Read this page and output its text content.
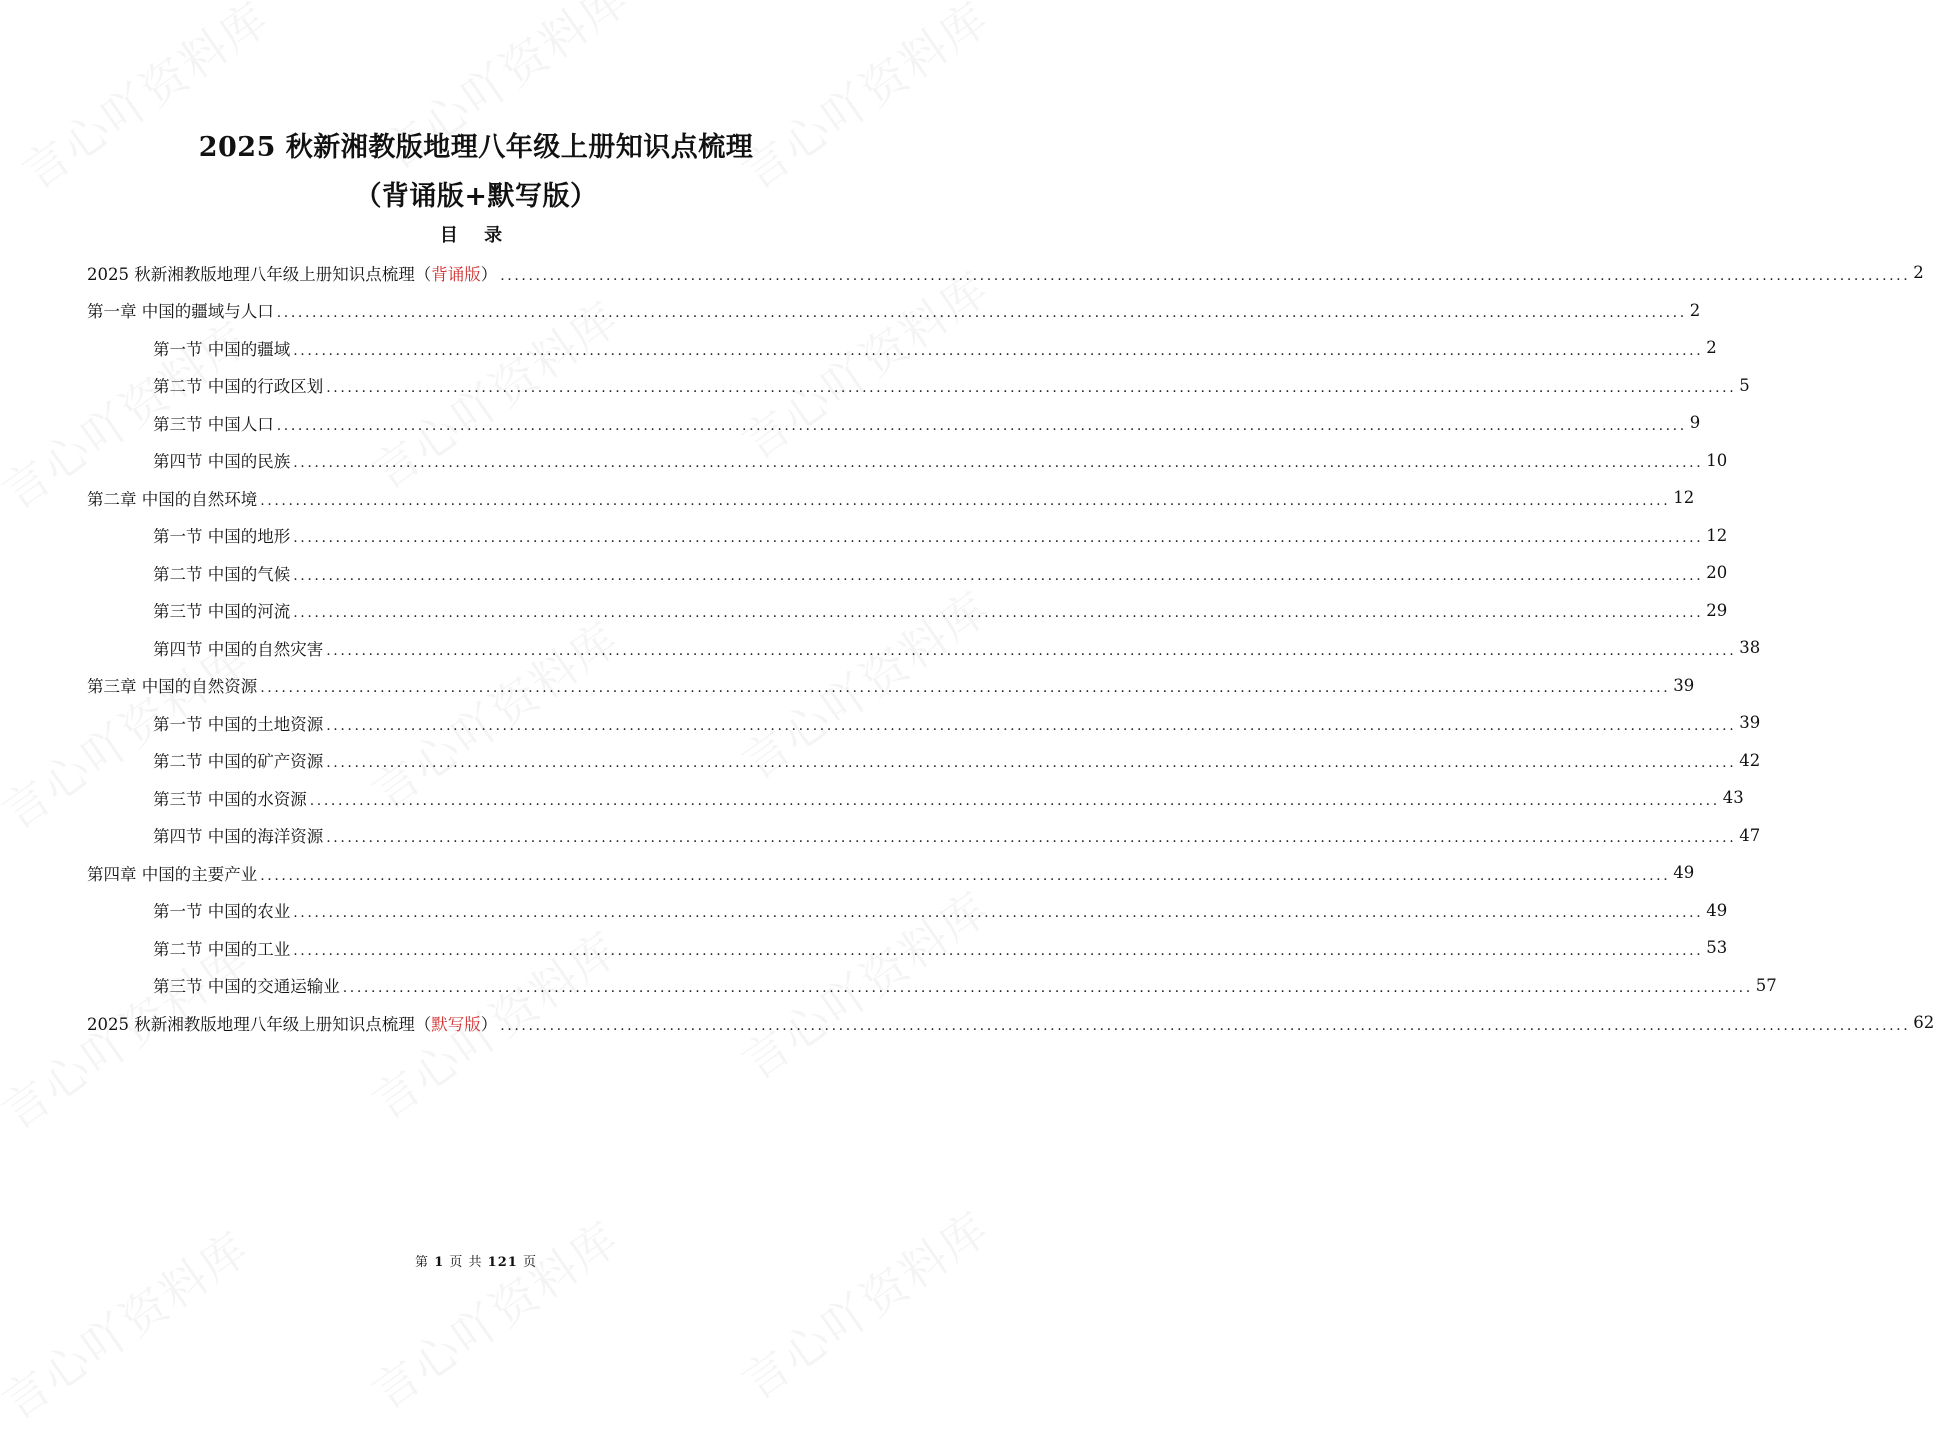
2025 秋新湘教版地理八年级上册知识点梳理
（背诵版+默写版）
目 录
2025 秋新湘教版地理八年级上册知识点梳理（背诵版） ........................................................................................................................................................................................................ 2
第一章 中国的疆域与人口 ........................................................................................................................................................................................................ 2
第一节 中国的疆域 ........................................................................................................................................................................................................ 2
第二节 中国的行政区划 ........................................................................................................................................................................................................ 5
第三节 中国人口 ........................................................................................................................................................................................................ 9
第四节 中国的民族 ........................................................................................................................................................................................................ 10
第二章 中国的自然环境 ........................................................................................................................................................................................................ 12
第一节 中国的地形 ........................................................................................................................................................................................................ 12
第二节 中国的气候 ........................................................................................................................................................................................................ 20
第三节 中国的河流 ........................................................................................................................................................................................................ 29
第四节 中国的自然灾害 ........................................................................................................................................................................................................ 38
第三章 中国的自然资源 ........................................................................................................................................................................................................ 39
第一节 中国的土地资源 ........................................................................................................................................................................................................ 39
第二节 中国的矿产资源 ........................................................................................................................................................................................................ 42
第三节 中国的水资源 ........................................................................................................................................................................................................ 43
第四节 中国的海洋资源 ........................................................................................................................................................................................................ 47
第四章 中国的主要产业 ........................................................................................................................................................................................................ 49
第一节 中国的农业 ........................................................................................................................................................................................................ 49
第二节 中国的工业 ........................................................................................................................................................................................................ 53
第三节 中国的交通运输业 ........................................................................................................................................................................................................ 57
2025 秋新湘教版地理八年级上册知识点梳理（默写版） ........................................................................................................................................................................................................ 62
第 1 页 共 121 页
